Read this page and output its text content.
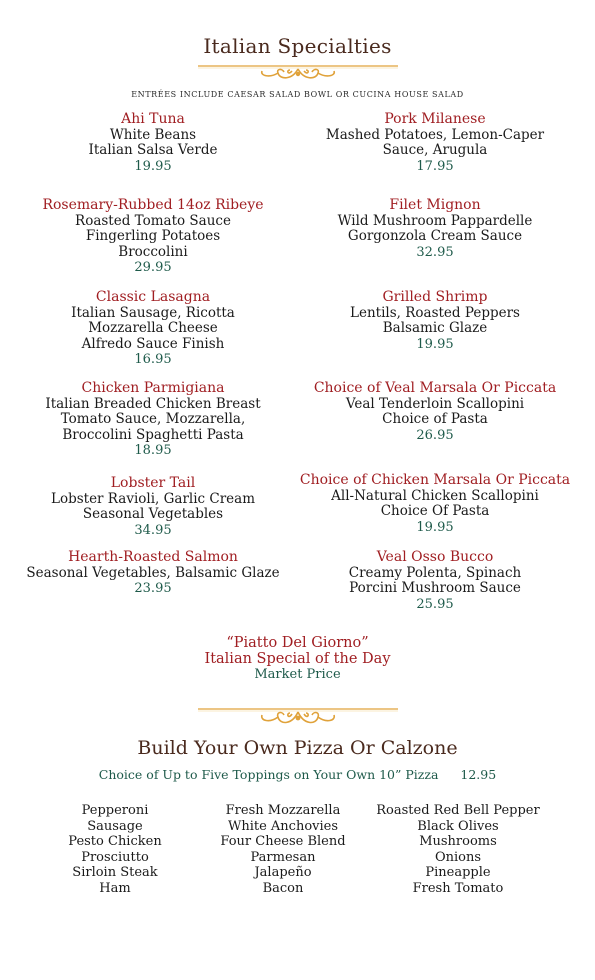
Italian Specialties
ENTRÉES INCLUDE CAESAR SALAD BOWL OR CUCINA HOUSE SALAD
Ahi Tuna
White Beans
Italian Salsa Verde
19.95
Rosemary-Rubbed 14oz Ribeye
Roasted Tomato Sauce
Fingerling Potatoes
Broccolini
29.95
Classic Lasagna
Italian Sausage, Ricotta
Mozzarella Cheese
Alfredo Sauce Finish
16.95
Chicken Parmigiana
Italian Breaded Chicken Breast
Tomato Sauce, Mozzarella,
Broccolini Spaghetti Pasta
18.95
Lobster Tail
Lobster Ravioli, Garlic Cream
Seasonal Vegetables
34.95
Hearth-Roasted Salmon
Seasonal Vegetables, Balsamic Glaze
23.95
Pork Milanese
Mashed Potatoes, Lemon-Caper
Sauce, Arugula
17.95
Filet Mignon
Wild Mushroom Pappardelle
Gorgonzola Cream Sauce
32.95
Grilled Shrimp
Lentils, Roasted Peppers
Balsamic Glaze
19.95
Choice of Veal Marsala Or Piccata
Veal Tenderloin Scallopini
Choice of Pasta
26.95
Choice of Chicken Marsala Or Piccata
All-Natural Chicken Scallopini
Choice Of Pasta
19.95
Veal Osso Bucco
Creamy Polenta, Spinach
Porcini Mushroom Sauce
25.95
“Piatto Del Giorno”
Italian Special of the Day
Market Price
Build Your Own Pizza Or Calzone
Choice of Up to Five Toppings on Your Own 10” Pizza 12.95
Pepperoni
Sausage
Pesto Chicken
Prosciutto
Sirloin Steak
Ham
Fresh Mozzarella
White Anchovies
Four Cheese Blend
Parmesan
Jalapeño
Bacon
Roasted Red Bell Pepper
Black Olives
Mushrooms
Onions
Pineapple
Fresh Tomato
